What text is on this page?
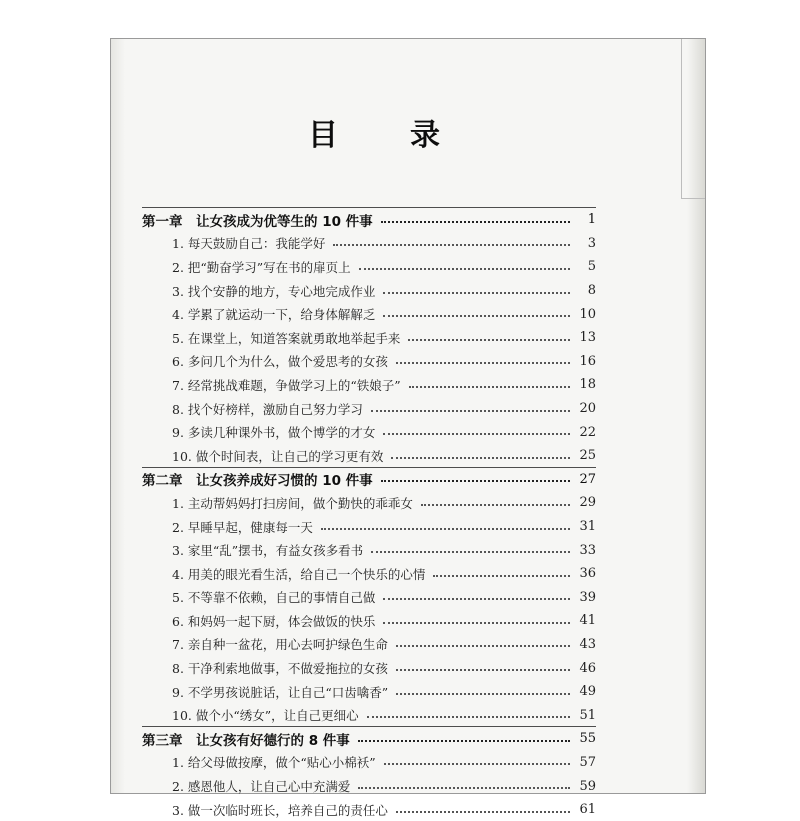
目 录
第一章　让女孩成为优等生的 10 件事	1
1. 每天鼓励自己：我能学好	3
2. 把“勤奋学习”写在书的扉页上	5
3. 找个安静的地方，专心地完成作业	8
4. 学累了就运动一下，给身体解解乏	10
5. 在课堂上，知道答案就勇敢地举起手来	13
6. 多问几个为什么，做个爱思考的女孩	16
7. 经常挑战难题，争做学习上的“铁娘子”	18
8. 找个好榜样，激励自己努力学习	20
9. 多读几种课外书，做个博学的才女	22
10. 做个时间表，让自己的学习更有效	25
第二章　让女孩养成好习惯的 10 件事	27
1. 主动帮妈妈打扫房间，做个勤快的乖乖女	29
2. 早睡早起，健康每一天	31
3. 家里“乱”摆书，有益女孩多看书	33
4. 用美的眼光看生活，给自己一个快乐的心情	36
5. 不等靠不依赖，自己的事情自己做	39
6. 和妈妈一起下厨，体会做饭的快乐	41
7. 亲自种一盆花，用心去呵护绿色生命	43
8. 干净利索地做事，不做爱拖拉的女孩	46
9. 不学男孩说脏话，让自己“口齿噙香”	49
10. 做个小“绣女”，让自己更细心	51
第三章　让女孩有好德行的 8 件事	55
1. 给父母做按摩，做个“贴心小棉袄”	57
2. 感恩他人，让自己心中充满爱	59
3. 做一次临时班长，培养自己的责任心	61
